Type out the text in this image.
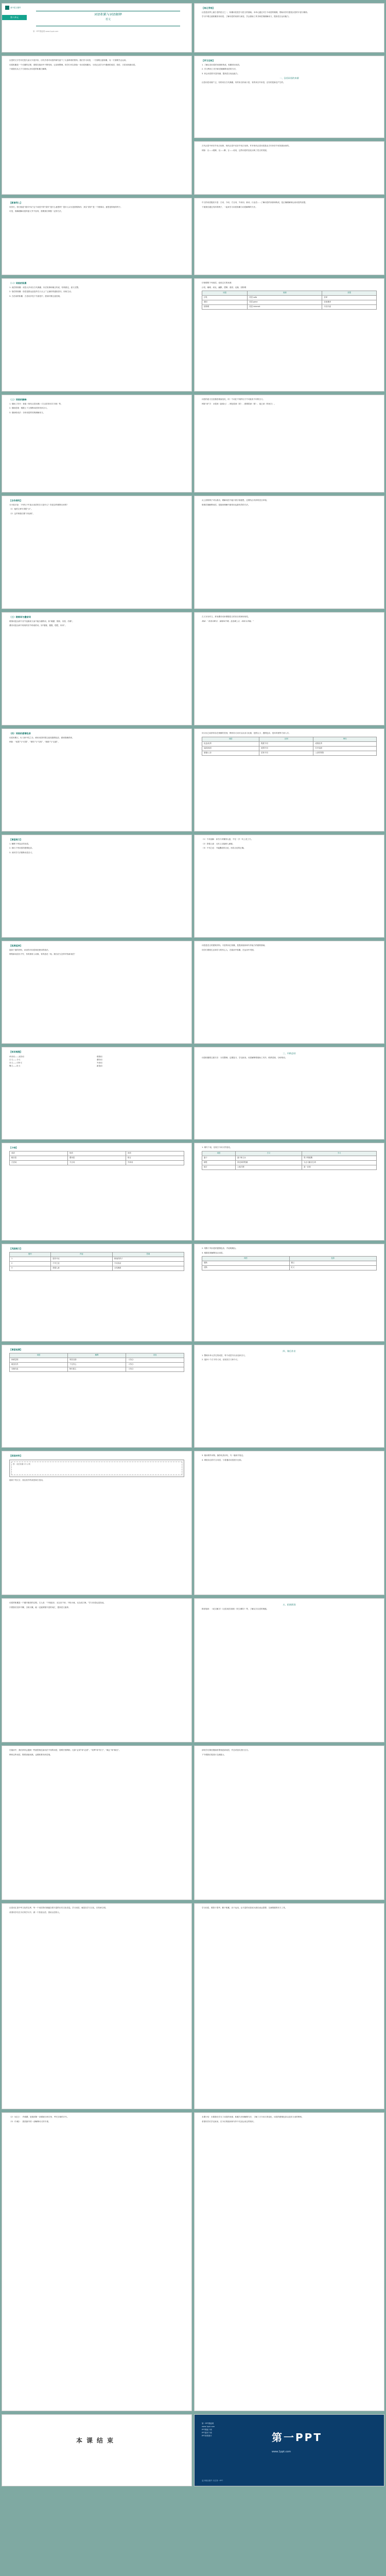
高中语文课件
第八单元
词语积累与词语解释
语文
第一PPT模板网 www.1ppt.com
【单元导语】

汉语是世界上最古老的语言之一，积累词语是学习语文的基础。本单元通过对古今词语的梳理，帮助同学们感受汉语的丰富与精妙。

学习中要注意积累常用词语，了解词语的来源与演变，学会借助工具书和语境理解词义，提高语言运用能力。

汉语的文字学历史悠久而又丰富多彩，历代学者对词语的研究留下了大量珍贵的资料。我们学习词语，一方面要注意积累，另一方面要学会运用。

词语积累是一个长期的过程，需要在阅读中不断发现、记录和整理。同学们可以准备一本词语积累本，分类记录学习中遇到的成语、俗语、古语词和新词语。

下面我们从几个方面来认识词语的积累与解释。

【学习目标】

1. 了解汉语词语的来源和构成，积累常用词语。

2. 学习利用工具书和语境解释词语的方法。

3. 体会词语的丰富内涵，提高语言表达能力。

一、汉语词语的来源

汉语词语来源广泛，有的来自古代典籍，有的来自民间口语，有的来自外来语，还有的是新近产生的。

古代汉语中单音节词占优势，现代汉语中双音节词占优势。许多现代汉语词语是由古代单音节词发展而来的。

例如：目——眼睛，足——脚，言——说话，这些词语的变化反映了语言的发展。

【新课导入】

同学们，你们知道“望洋兴叹”这个成语中的“望洋”是什么意思吗？很多人以为是望着海洋，其实“望洋”是一个联绵词，意思是仰视的样子。

可见，准确理解词语的意义并不容易，需要我们掌握一定的方法。

中文的词语极其丰富：古词、今词、方言词、外来词、新词、行业语……了解词语的来源和构成，是正确理解和运用词语的前提。

下面我们通过具体的例子，一起来学习词语积累与词语解释的方法。

（一）词语的积累

1. 成语的积累：成语大多来自古代典籍、历史故事和寓言传说，结构固定，意义完整。

2. 俗语的积累：俗语是群众创造并在口头上广泛流传的通俗语句，形象生动。

3. 古语词的积累：古语词多见于书面语中，使用时要注意语境。

仔细观察下列词语，说说它们的来源：

沙发、咖啡、坦克、幽默、逻辑、基因、克隆、因特网

词语	来源	类型
沙发	英语 sofa	音译
基因	英语 gene	音意兼译
因特网	英语 internet	半音半意
（二）词语的解释

1. 借助工具书：查阅《现代汉语词典》《古汉语常用字字典》等。

2. 借助语境：根据上下文推断词语的具体含义。

3. 借助构词法：分析词语的结构理解词义。

词语的意义往往随语境而变化，同一个词在不同的句子中可能有不同的含义。

例如“深”字：水很深（距离大）；颜色很深（浓）；感情很深（厚）；夜已深（时间久）。

【合作探究】

分小组讨论：下列句子中加点词语的含义是什么？你是怎样推断出来的？

（1）他的文章写得很“水”。

（2）这件事我们要“冷处理”。

从上面的例子可以看出，理解词语不能只看字面意思，还要结合具体的语言环境。

联系语境解释词语，是阅读理解中最常用也最有效的方法。

（三）联绵词与叠音词

联绵词是由两个音节连缀成义而不能分割的词，如“踌躇、徘徊、彷徨、仿佛”。

叠音词是由两个相同的音节构成的词，如“姥姥、猩猩、皑皑、冉冉”。

古人写诗作文，常用叠音词来增强语言的音乐美和形象性。

例如：“青青河畔草，郁郁园中柳。盈盈楼上女，皎皎当窗牖。”

（四）词语的感情色彩

词语有褒义、贬义和中性之分。使用词语时要注意其感情色彩，做到准确得体。

例如：“成果”与“后果”、“团结”与“勾结”、“鼓励”与“怂恿”。

同义词之间常常存在细微的差别，辨析同义词可以从词义轻重、范围大小、感情色彩、语体风格等方面入手。

词语	区别	例句
优良/优秀	程度不同	成绩优秀
局面/场面	范围不同	打开局面
爸爸/父亲	语体不同	父亲的背影
【课堂练习】

1. 解释下列加点的词语。

2. 指出下列词语的感情色彩。

3. 用所学方法推断词语含义。

（1）不求甚解：读书只求懂得大意，不在一字一句上花工夫。

（2）差强人意：大体上还能使人满意。

（3）不刊之论：不能删改的言论，形容言论的正确。

【拓展延伸】

阅读下面的材料，谈谈你对词语规范使用的看法。

网络新词层出不穷，有的被收入词典，有的昙花一现。我们应当怎样对待新词语？

词语是语言的建筑材料。丰富的词汇积累，是提高阅读和写作能力的重要基础。

同学们要做生活和学习的有心人，在阅读中积累，在运用中巩固。

【知识梳理】
单音词——双音词
古义——今义
本义——引申义
褒义——贬义
联绵词
叠音词
外来词
新造词
三、归纳总结

词语积累要注重方法：分类整理、定期复习、学以致用。词语解释要借助工具书、联系语境、分析构词。

【小结】
成语	俗语	谚语
歇后语	惯用语	格言
古语词	方言词	外来词

1. 填写下表，比较古今词义的变化。

词语	古义	今义
妻子	妻子和儿女	男子的配偶
牺牲	祭祀用的牲畜	为正义献出生命
地方	土地方圆	某一区域
【巩固练习】
题号	内容	答案
1	望洋兴叹	仰视的样子
2	不刊之论	不可改动
3	差强人意	大体满意

2. 判断下列词语的感情色彩，并说明理由。

3. 根据语境解释加点词语。

词语	色彩
果断	褒义
武断	贬义
【课堂检测】
词语	解释	出处
卧薪尝胆	刻苦自励	《史记》
破釜沉舟	下定决心	《史记》
完璧归赵	物归原主	《史记》
四、课后作业

1. 整理本单元学过的成语，每个成语写出出处和含义。

2. 选择十个古今异义词，比较其古义和今义。

【阅读材料】
图：词语积累卡片示例

阅读下列文字，找出其中的成语和古语词。

3. 阅读课外读物，摘抄优美词句，写一篇读书笔记。

4. 调查身边的方言词语，与普通话词语进行比较。

词语的积累是一个循序渐进的过程。古人说：“不积跬步，无以至千里；不积小流，无以成江海。”学习词语也是如此。

只要我们坚持不懈，日积月累，就一定能掌握丰富的词汇，提高语文素养。

五、拓展阅读

推荐阅读：《说文解字》《汉语成语词典》《咬文嚼字》等，了解汉字汉语的奥秘。

在阅读中，我们常常会遇到一些意思相近而用法不同的词语，需要仔细辨析。比如“必须”和“必需”，“权利”和“权力”，“截止”和“截至”。

辨析这些词语，既要查阅词典，也要联系具体语境。

请同学们课后继续收集易混淆词语，并尝试造句进行区分。

下节课我们将进行交流展示。

汉语词汇是中华文化的宝库，每一个词语背后都蕴含着丰富的历史文化信息。学习词语，就是在学习文化，在传承文明。

希望同学们在今后的学习中，做一个热爱汉语、善用汉语的人。

学习词语，要善于思考，勤于积累，乐于运用。让丰富的词语成为我们表达思想、交流情感的有力工具。

（2）《说文》：许慎撰，是我国第一部系统分析字形、考究字源的字书。

（3）《尔雅》：我国最早的一部解释词义的专著。

本课小结：本课我们学习了词语的来源、积累方法和解释方法，了解了古今词义的变化、词语的感情色彩以及同义词的辨析。

希望同学们学以致用，在今后的阅读和写作中灵活运用这些知识。

本课结束
第一PPT模板网
www.1ppt.com
PPT模板下载
PPT素材下载
PPT背景图片	第一PPT
www.1ppt.com
更多精品课件 尽在第一PPT
